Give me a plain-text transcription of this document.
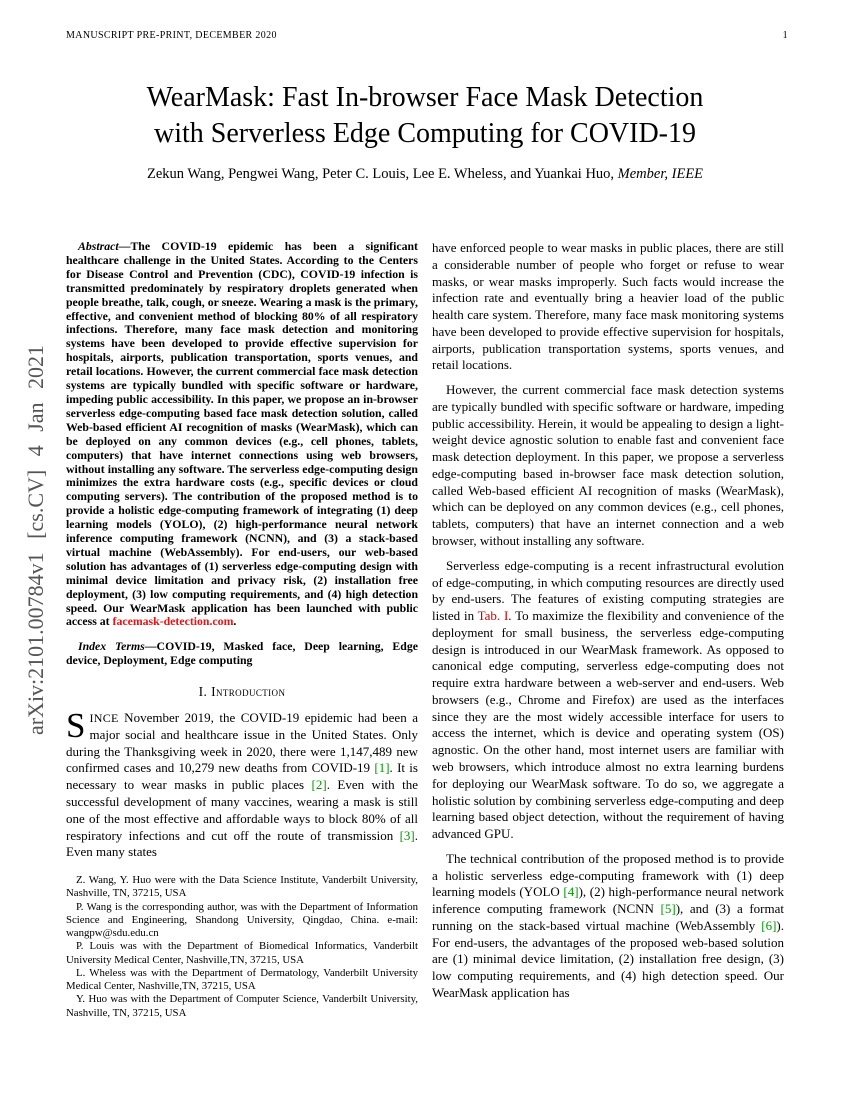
MANUSCRIPT PRE-PRINT, DECEMBER 2020	1
arXiv:2101.00784v1 [cs.CV] 4 Jan 2021
WearMask: Fast In-browser Face Mask Detection
with Serverless Edge Computing for COVID-19
Zekun Wang, Pengwei Wang, Peter C. Louis, Lee E. Wheless, and Yuankai Huo, Member, IEEE

Abstract—The COVID-19 epidemic has been a significant healthcare challenge in the United States. According to the Centers for Disease Control and Prevention (CDC), COVID-19 infection is transmitted predominately by respiratory droplets generated when people breathe, talk, cough, or sneeze. Wearing a mask is the primary, effective, and convenient method of blocking 80% of all respiratory infections. Therefore, many face mask detection and monitoring systems have been developed to provide effective supervision for hospitals, airports, publication transportation, sports venues, and retail locations. However, the current commercial face mask detection systems are typically bundled with specific software or hardware, impeding public accessibility. In this paper, we propose an in-browser serverless edge-computing based face mask detection solution, called Web-based efficient AI recognition of masks (WearMask), which can be deployed on any common devices (e.g., cell phones, tablets, computers) that have internet connections using web browsers, without installing any software. The serverless edge-computing design minimizes the extra hardware costs (e.g., specific devices or cloud computing servers). The contribution of the proposed method is to provide a holistic edge-computing framework of integrating (1) deep learning models (YOLO), (2) high-performance neural network inference computing framework (NCNN), and (3) a stack-based virtual machine (WebAssembly). For end-users, our web-based solution has advantages of (1) serverless edge-computing design with minimal device limitation and privacy risk, (2) installation free deployment, (3) low computing requirements, and (4) high detection speed. Our WearMask application has been launched with public access at facemask-detection.com.

Index Terms—COVID-19, Masked face, Deep learning, Edge device, Deployment, Edge computing

I. Introduction

SINCE November 2019, the COVID-19 epidemic had been a major social and healthcare issue in the United States. Only during the Thanksgiving week in 2020, there were 1,147,489 new confirmed cases and 10,279 new deaths from COVID-19 [1]. It is necessary to wear masks in public places [2]. Even with the successful development of many vaccines, wearing a mask is still one of the most effective and affordable ways to block 80% of all respiratory infections and cut off the route of transmission [3]. Even many states

Z. Wang, Y. Huo were with the Data Science Institute, Vanderbilt University, Nashville, TN, 37215, USA

P. Wang is the corresponding author, was with the Department of Information Science and Engineering, Shandong University, Qingdao, China. e-mail: wangpw@sdu.edu.cn

P. Louis was with the Department of Biomedical Informatics, Vanderbilt University Medical Center, Nashville,TN, 37215, USA

L. Wheless was with the Department of Dermatology, Vanderbilt University Medical Center, Nashville,TN, 37215, USA

Y. Huo was with the Department of Computer Science, Vanderbilt University, Nashville, TN, 37215, USA

have enforced people to wear masks in public places, there are still a considerable number of people who forget or refuse to wear masks, or wear masks improperly. Such facts would increase the infection rate and eventually bring a heavier load of the public health care system. Therefore, many face mask monitoring systems have been developed to provide effective supervision for hospitals, airports, publication transportation systems, sports venues, and retail locations.

However, the current commercial face mask detection systems are typically bundled with specific software or hardware, impeding public accessibility. Herein, it would be appealing to design a light-weight device agnostic solution to enable fast and convenient face mask detection deployment. In this paper, we propose a serverless edge-computing based in-browser face mask detection solution, called Web-based efficient AI recognition of masks (WearMask), which can be deployed on any common devices (e.g., cell phones, tablets, computers) that have an internet connection and a web browser, without installing any software.

Serverless edge-computing is a recent infrastructural evolution of edge-computing, in which computing resources are directly used by end-users. The features of existing computing strategies are listed in Tab. I. To maximize the flexibility and convenience of the deployment for small business, the serverless edge-computing design is introduced in our WearMask framework. As opposed to canonical edge computing, serverless edge-computing does not require extra hardware between a web-server and end-users. Web browsers (e.g., Chrome and Firefox) are used as the interfaces since they are the most widely accessible interface for users to access the internet, which is device and operating system (OS) agnostic. On the other hand, most internet users are familiar with web browsers, which introduce almost no extra learning burdens for deploying our WearMask software. To do so, we aggregate a holistic solution by combining serverless edge-computing and deep learning based object detection, without the requirement of having advanced GPU.

The technical contribution of the proposed method is to provide a holistic serverless edge-computing framework with (1) deep learning models (YOLO [4]), (2) high-performance neural network inference computing framework (NCNN [5]), and (3) a format running on the stack-based virtual machine (WebAssembly [6]). For end-users, the advantages of the proposed web-based solution are (1) minimal device limitation, (2) installation free design, (3) low computing requirements, and (4) high detection speed. Our WearMask application has
